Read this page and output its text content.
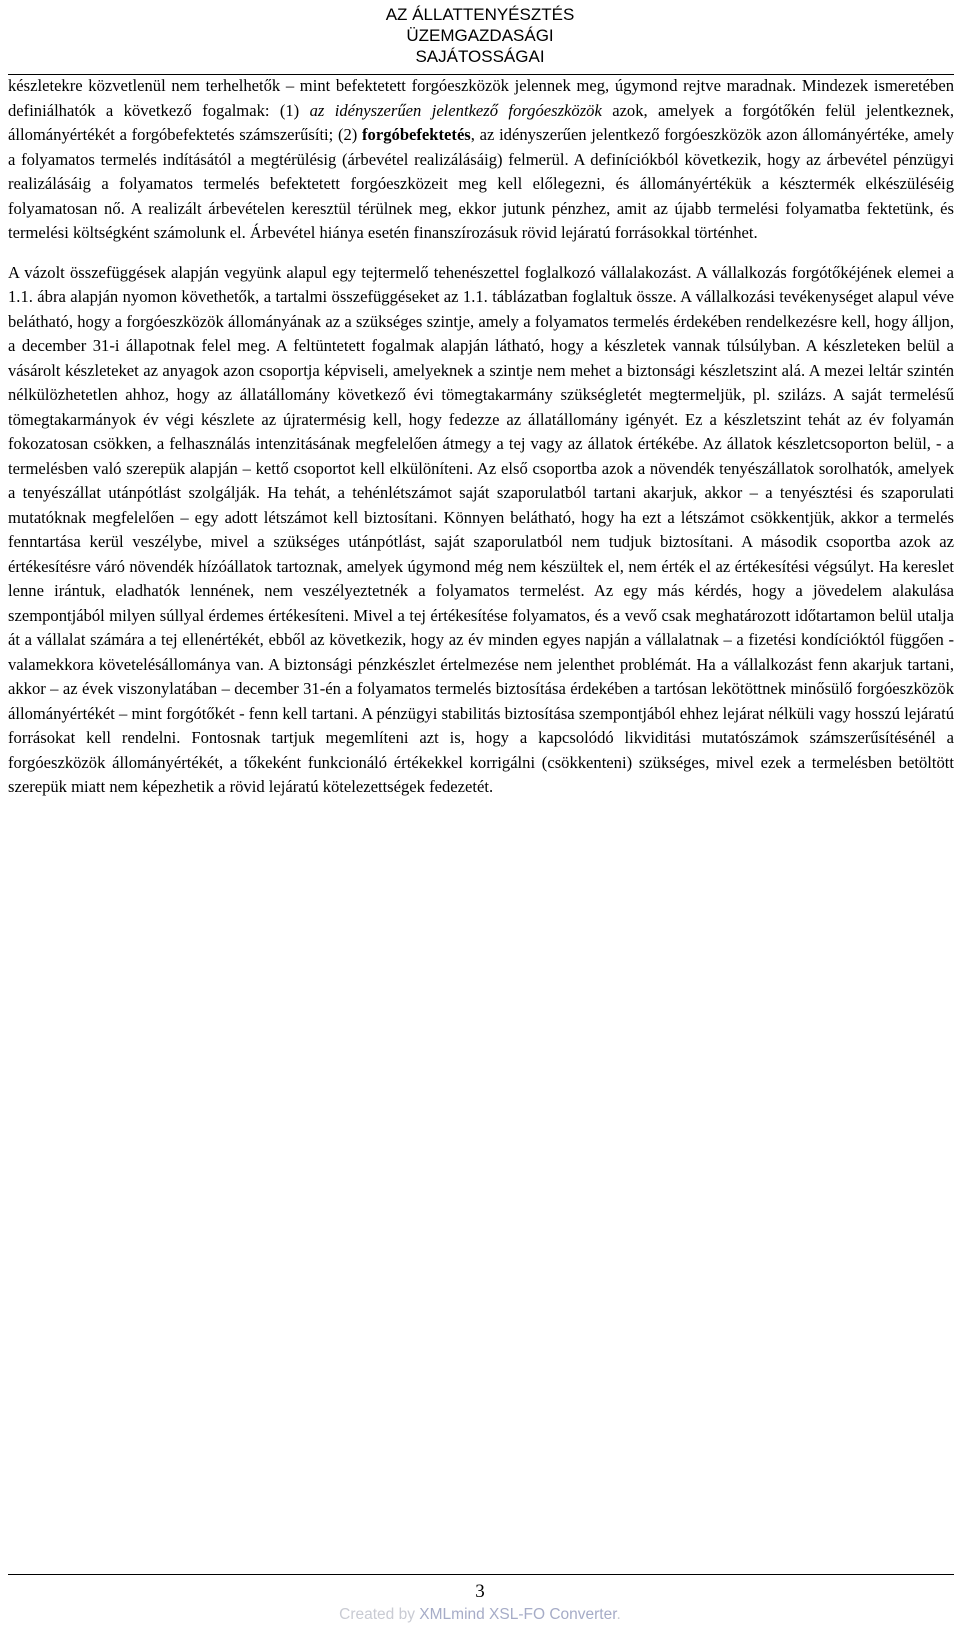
AZ ÁLLATTENYÉSZTÉS
ÜZEMGAZDASÁGI
SAJÁTOSSÁGAI

készletekre közvetlenül nem terhelhetők – mint befektetett forgóeszközök jelennek meg, úgymond rejtve maradnak. Mindezek ismeretében definiálhatók a következő fogalmak: (1) az idényszerűen jelentkező forgóeszközök azok, amelyek a forgótőkén felül jelentkeznek, állományértékét a forgóbefektetés számszerűsíti; (2) forgóbefektetés, az idényszerűen jelentkező forgóeszközök azon állományértéke, amely a folyamatos termelés indításától a megtérülésig (árbevétel realizálásáig) felmerül. A definíciókból következik, hogy az árbevétel pénzügyi realizálásáig a folyamatos termelés befektetett forgóeszközeit meg kell előlegezni, és állományértékük a késztermék elkészüléséig folyamatosan nő. A realizált árbevételen keresztül térülnek meg, ekkor jutunk pénzhez, amit az újabb termelési folyamatba fektetünk, és termelési költségként számolunk el. Árbevétel hiánya esetén finanszírozásuk rövid lejáratú forrásokkal történhet.

A vázolt összefüggések alapján vegyünk alapul egy tejtermelő tehenészettel foglalkozó vállalakozást. A vállalkozás forgótőkéjének elemei a 1.1. ábra alapján nyomon követhetők, a tartalmi összefüggéseket az 1.1. táblázatban foglaltuk össze. A vállalkozási tevékenységet alapul véve belátható, hogy a forgóeszközök állományának az a szükséges szintje, amely a folyamatos termelés érdekében rendelkezésre kell, hogy álljon, a december 31-i állapotnak felel meg. A feltüntetett fogalmak alapján látható, hogy a készletek vannak túlsúlyban. A készleteken belül a vásárolt készleteket az anyagok azon csoportja képviseli, amelyeknek a szintje nem mehet a biztonsági készletszint alá. A mezei leltár szintén nélkülözhetetlen ahhoz, hogy az állatállomány következő évi tömegtakarmány szükségletét megtermeljük, pl. szilázs. A saját termelésű tömegtakarmányok év végi készlete az újratermésig kell, hogy fedezze az állatállomány igényét. Ez a készletszint tehát az év folyamán fokozatosan csökken, a felhasználás intenzitásának megfelelően átmegy a tej vagy az állatok értékébe. Az állatok készletcsoporton belül, - a termelésben való szerepük alapján – kettő csoportot kell elkülöníteni. Az első csoportba azok a növendék tenyészállatok sorolhatók, amelyek a tenyészállat utánpótlást szolgálják. Ha tehát, a tehénlétszámot saját szaporulatból tartani akarjuk, akkor – a tenyésztési és szaporulati mutatóknak megfelelően – egy adott létszámot kell biztosítani. Könnyen belátható, hogy ha ezt a létszámot csökkentjük, akkor a termelés fenntartása kerül veszélybe, mivel a szükséges utánpótlást, saját szaporulatból nem tudjuk biztosítani. A második csoportba azok az értékesítésre váró növendék hízóállatok tartoznak, amelyek úgymond még nem készültek el, nem érték el az értékesítési végsúlyt. Ha kereslet lenne irántuk, eladhatók lennének, nem veszélyeztetnék a folyamatos termelést. Az egy más kérdés, hogy a jövedelem alakulása szempontjából milyen súllyal érdemes értékesíteni. Mivel a tej értékesítése folyamatos, és a vevő csak meghatározott időtartamon belül utalja át a vállalat számára a tej ellenértékét, ebből az következik, hogy az év minden egyes napján a vállalatnak – a fizetési kondícióktól függően - valamekkora követelésállománya van. A biztonsági pénzkészlet értelmezése nem jelenthet problémát. Ha a vállalkozást fenn akarjuk tartani, akkor – az évek viszonylatában – december 31-én a folyamatos termelés biztosítása érdekében a tartósan lekötöttnek minősülő forgóeszközök állományértékét – mint forgótőkét - fenn kell tartani. A pénzügyi stabilitás biztosítása szempontjából ehhez lejárat nélküli vagy hosszú lejáratú forrásokat kell rendelni. Fontosnak tartjuk megemlíteni azt is, hogy a kapcsolódó likviditási mutatószámok számszerűsítésénél a forgóeszközök állományértékét, a tőkeként funkcionáló értékekkel korrigálni (csökkenteni) szükséges, mivel ezek a termelésben betöltött szerepük miatt nem képezhetik a rövid lejáratú kötelezettségek fedezetét.

3
Created by XMLmind XSL-FO Converter.
